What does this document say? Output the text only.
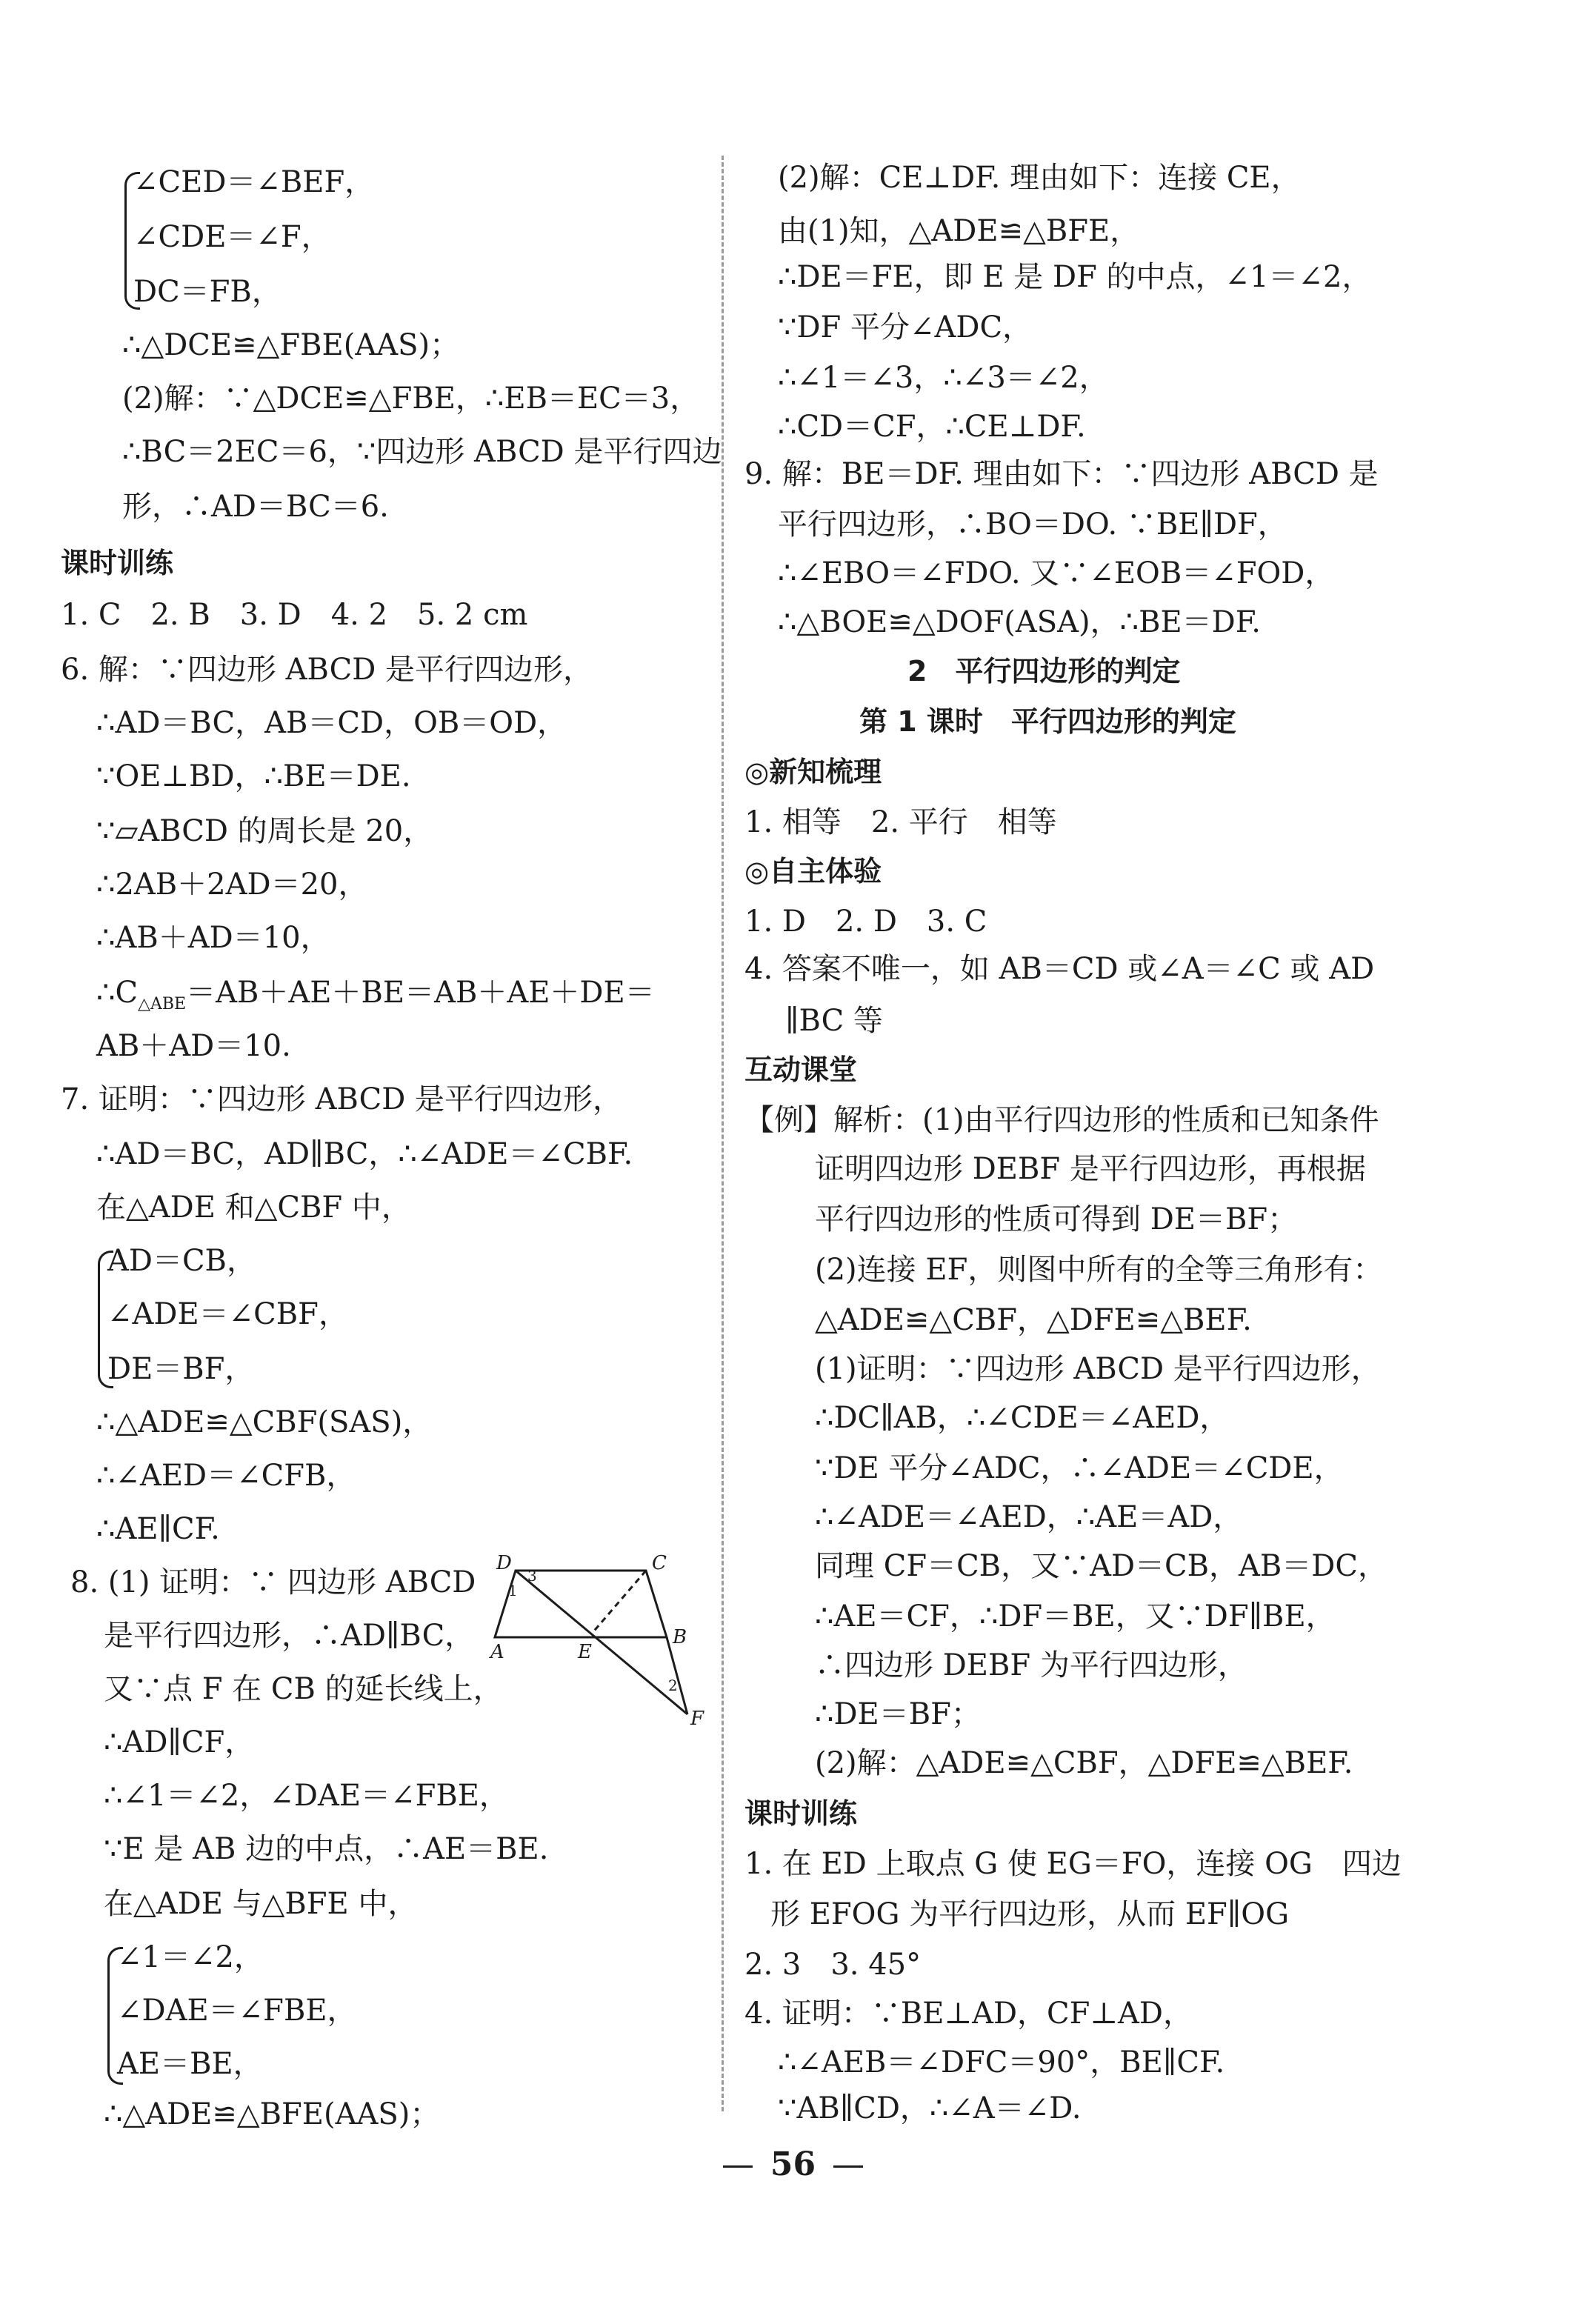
∠CED＝∠BEF，
∠CDE＝∠F，
DC＝FB，
∴△DCE≌△FBE(AAS)；
(2)解：∵△DCE≌△FBE，∴EB＝EC＝3，
∴BC＝2EC＝6，∵四边形 ABCD 是平行四边
形，∴AD＝BC＝6.
课时训练
1. C　2. B　3. D　4. 2　5. 2 cm
6. 解：∵四边形 ABCD 是平行四边形，
∴AD＝BC，AB＝CD，OB＝OD，
∵OE⊥BD，∴BE＝DE.
∵▱ABCD 的周长是 20，
∴2AB＋2AD＝20，
∴AB＋AD＝10，
$\therefore C_{\triangle ABE}=AB+AE+BE=AB+AE+DE=$
AB＋AD＝10.
7. 证明：∵四边形 ABCD 是平行四边形，
∴AD＝BC，AD∥BC，∴∠ADE＝∠CBF.
在△ADE 和△CBF 中，
AD＝CB，
∠ADE＝∠CBF，
DE＝BF，
∴△ADE≌△CBF(SAS)，
∴∠AED＝∠CFB，
∴AE∥CF.
8. (1) 证明：∵ 四边形 ABCD
是平行四边形，∴AD∥BC，
又∵点 F 在 CB 的延长线上，
∴AD∥CF，
∴∠1＝∠2，∠DAE＝∠FBE，
∵E 是 AB 边的中点，∴AE＝BE.
在△ADE 与△BFE 中，
∠1＝∠2，
∠DAE＝∠FBE，
AE＝BE，
∴△ADE≌△BFE(AAS)；
D	C
3
1
A	E
B
2
F
(2)解：CE⊥DF. 理由如下：连接 CE，
由(1)知，△ADE≌△BFE，
∴DE＝FE，即 E 是 DF 的中点，∠1＝∠2，
∵DF 平分∠ADC，
∴∠1＝∠3，∴∠3＝∠2，
∴CD＝CF，∴CE⊥DF.
9. 解：BE＝DF. 理由如下：∵四边形 ABCD 是
平行四边形，∴BO＝DO. ∵BE∥DF，
∴∠EBO＝∠FDO. 又∵∠EOB＝∠FOD，
∴△BOE≌△DOF(ASA)，∴BE＝DF.
2　平行四边形的判定
第 1 课时　平行四边形的判定
◎新知梳理
1. 相等　2. 平行　相等
◎自主体验
1. D　2. D　3. C
4. 答案不唯一，如 AB＝CD 或∠A＝∠C 或 AD
∥BC 等
互动课堂
【例】解析：(1)由平行四边形的性质和已知条件
证明四边形 DEBF 是平行四边形，再根据
平行四边形的性质可得到 DE＝BF；
(2)连接 EF，则图中所有的全等三角形有：
△ADE≌△CBF，△DFE≌△BEF.
(1)证明：∵四边形 ABCD 是平行四边形，
∴DC∥AB，∴∠CDE＝∠AED，
∵DE 平分∠ADC，∴∠ADE＝∠CDE，
∴∠ADE＝∠AED，∴AE＝AD，
同理 CF＝CB，又∵AD＝CB，AB＝DC，
∴AE＝CF，∴DF＝BE，又∵DF∥BE，
∴四边形 DEBF 为平行四边形，
∴DE＝BF；
(2)解：△ADE≌△CBF，△DFE≌△BEF.
课时训练
1. 在 ED 上取点 G 使 EG＝FO，连接 OG　四边
形 EFOG 为平行四边形，从而 EF∥OG
2. 3　3. 45°
4. 证明：∵BE⊥AD，CF⊥AD，
∴∠AEB＝∠DFC＝90°，BE∥CF.
∵AB∥CD，∴∠A＝∠D.
56
